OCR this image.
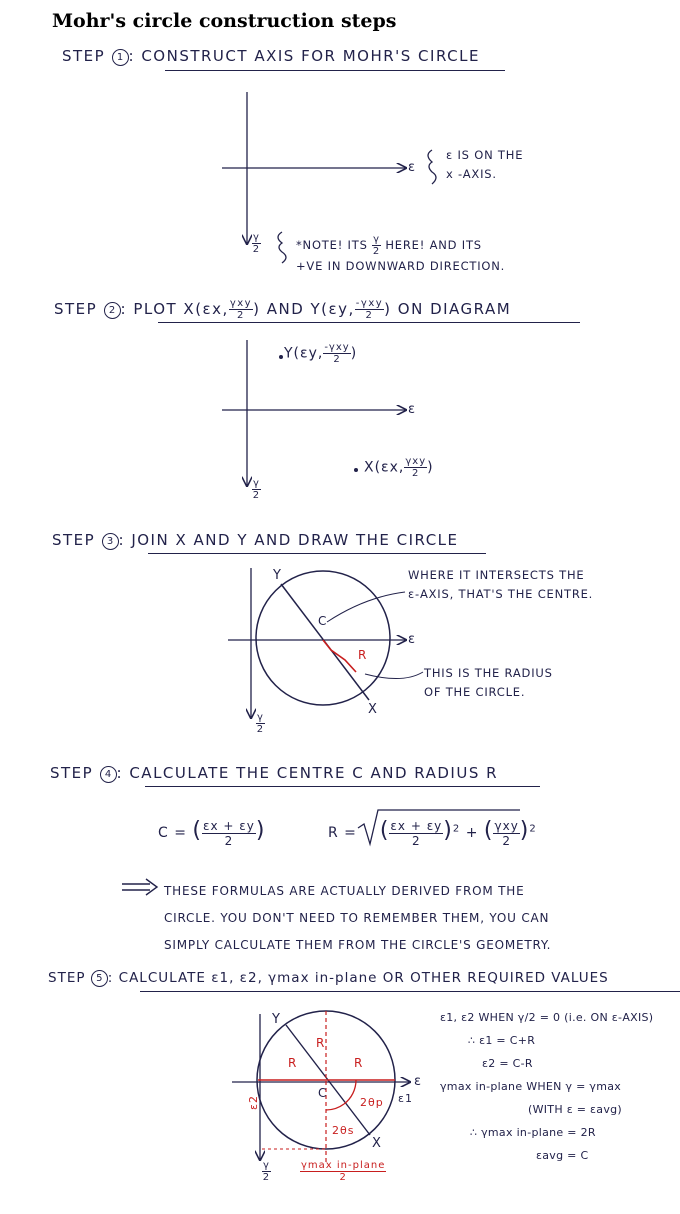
Mohr's circle construction steps
STEP 1 : CONSTRUCT AXIS FOR MOHR'S CIRCLE
ε
ε IS ON THE
x -AXIS.
$\frac{\gamma}{2}$	*NOTE! ITS $\frac{\gamma}{2}$ HERE! AND ITS
+VE IN DOWNWARD DIRECTION.
STEP 2 : PLOT X(εx, $\frac{\text{γxy}}{2}$ ) AND Y(εy, $\frac{\text{-γxy}}{2}$ ) ON DIAGRAM
Y(εy, $\frac{\text{-γxy}}{2}$ )
X(εx, $\frac{\text{γxy}}{2}$ )
ε
$\frac{\gamma}{2}$
STEP 3 : JOIN X AND Y AND DRAW THE CIRCLE
Y
C
R
X
ε
$\frac{\gamma}{2}$
WHERE IT INTERSECTS THE
ε-AXIS, THAT'S THE CENTRE.
THIS IS THE RADIUS
OF THE CIRCLE.
STEP 4 : CALCULATE THE CENTRE C AND RADIUS R
C = ( $\frac{\varepsilon x + \varepsilon y}{2}$ )	R = ( $\frac{\varepsilon x + \varepsilon y}{2} )^2$ + ( $\frac{\text{γxy}}{2} )^2$
THESE FORMULAS ARE ACTUALLY DERIVED FROM THE
CIRCLE. YOU DON'T NEED TO REMEMBER THEM, YOU CAN
SIMPLY CALCULATE THEM FROM THE CIRCLE'S GEOMETRY.
STEP 5 : CALCULATE ε1, ε2, γmax in-plane OR OTHER REQUIRED VALUES
Y
R
R	R
C
2θp
2θs
X
ε1
ε2
ε
$\frac{\gamma}{2}$	$\frac{\text{γmax in-plane}}{2}$
ε1, ε2 WHEN γ/2 = 0 (i.e. ON ε-AXIS)
∴ ε1 = C+R
ε2 = C-R
γmax in-plane WHEN γ = γmax
(WITH ε = εavg)
∴ γmax in-plane = 2R
εavg = C
